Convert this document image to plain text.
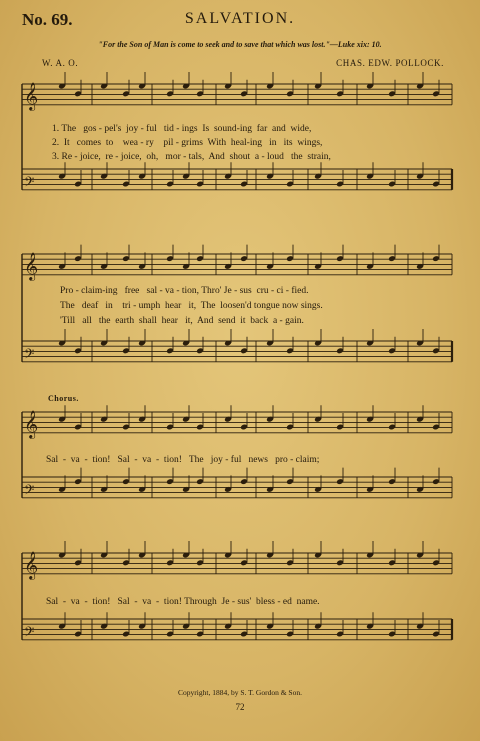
No. 69.	SALVATION.
"For the Son of Man is come to seek and to save that which was lost."—Luke xix: 10.
W. A. O.	CHAS. EDW. POLLOCK.
𝄞
𝄢
𝄞
𝄢
𝄞
𝄢
𝄞
𝄢
1. The   gos - pel's  joy - ful   tid - ings  Is  sound-ing  far  and  wide,
2.  It   comes  to    wea - ry    pil - grims  With  heal-ing   in   its  wings,
3. Re - joice,  re - joice,  oh,   mor - tals,  And  shout  a - loud   the  strain,
Pro - claim-ing   free   sal - va - tion, Thro' Je - sus  cru - ci - fied.
The   deaf   in    tri - umph  hear   it,  The  loosen'd tongue now sings.
'Till   all   the  earth  shall  hear   it,  And  send  it  back  a - gain.
Chorus.
Sal  -  va  -  tion!   Sal  -  va  -  tion!   The   joy - ful   news   pro - claim;
Sal  -  va  -  tion!   Sal  -  va  -  tion! Through  Je - sus'  bless - ed  name.
Copyright, 1884, by S. T. Gordon & Son.
72
